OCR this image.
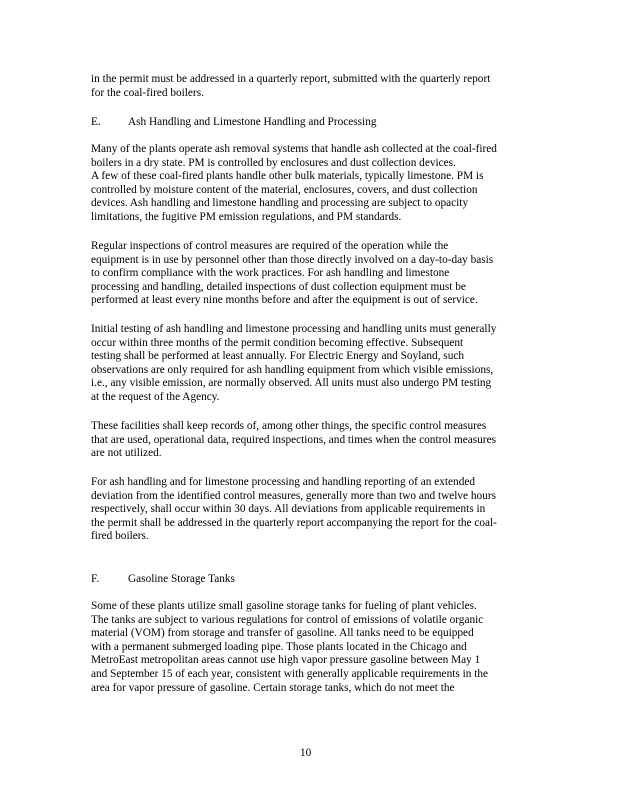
in the permit must be addressed in a quarterly report, submitted with the quarterly report
for the coal-fired boilers.
E. Ash Handling and Limestone Handling and Processing
Many of the plants operate ash removal systems that handle ash collected at the coal-fired
boilers in a dry state. PM is controlled by enclosures and dust collection devices.
A few of these coal-fired plants handle other bulk materials, typically limestone. PM is
controlled by moisture content of the material, enclosures, covers, and dust collection
devices. Ash handling and limestone handling and processing are subject to opacity
limitations, the fugitive PM emission regulations, and PM standards.
Regular inspections of control measures are required of the operation while the
equipment is in use by personnel other than those directly involved on a day-to-day basis
to confirm compliance with the work practices. For ash handling and limestone
processing and handling, detailed inspections of dust collection equipment must be
performed at least every nine months before and after the equipment is out of service.
Initial testing of ash handling and limestone processing and handling units must generally
occur within three months of the permit condition becoming effective. Subsequent
testing shall be performed at least annually. For Electric Energy and Soyland, such
observations are only required for ash handling equipment from which visible emissions,
i.e., any visible emission, are normally observed. All units must also undergo PM testing
at the request of the Agency.
These facilities shall keep records of, among other things, the specific control measures
that are used, operational data, required inspections, and times when the control measures
are not utilized.
For ash handling and for limestone processing and handling reporting of an extended
deviation from the identified control measures, generally more than two and twelve hours
respectively, shall occur within 30 days. All deviations from applicable requirements in
the permit shall be addressed in the quarterly report accompanying the report for the coal-
fired boilers.
F.	Gasoline Storage Tanks
Some of these plants utilize small gasoline storage tanks for fueling of plant vehicles.
The tanks are subject to various regulations for control of emissions of volatile organic
material (VOM) from storage and transfer of gasoline. All tanks need to be equipped
with a permanent submerged loading pipe. Those plants located in the Chicago and
MetroEast metropolitan areas cannot use high vapor pressure gasoline between May 1
and September 15 of each year, consistent with generally applicable requirements in the
area for vapor pressure of gasoline. Certain storage tanks, which do not meet the
10
